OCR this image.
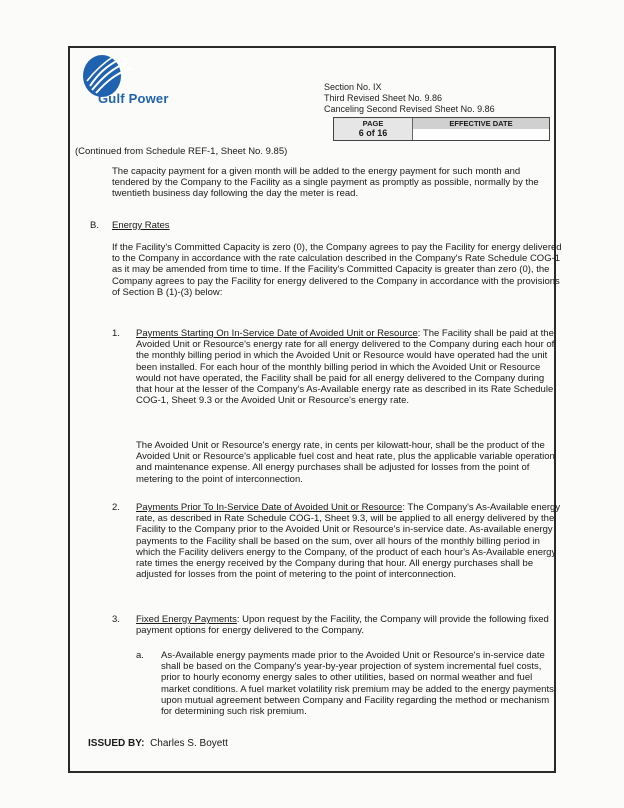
Gulf Power
Section No. IX
Third Revised Sheet No. 9.86
Canceling Second Revised Sheet No. 9.86
PAGE
6 of 16
EFFECTIVE DATE
(Continued from Schedule REF-1, Sheet No. 9.85)

The capacity payment for a given month will be added to the energy payment for such month and tendered by the Company to the Facility as a single payment as promptly as possible, normally by the twentieth business day following the day the meter is read.

B. Energy Rates

If the Facility's Committed Capacity is zero (0), the Company agrees to pay the Facility for energy delivered to the Company in accordance with the rate calculation described in the Company's Rate Schedule COG-1 as it may be amended from time to time. If the Facility's Committed Capacity is greater than zero (0), the Company agrees to pay the Facility for energy delivered to the Company in accordance with the provisions of Section B (1)-(3) below:

1. Payments Starting On In-Service Date of Avoided Unit or Resource: The Facility shall be paid at the Avoided Unit or Resource's energy rate for all energy delivered to the Company during each hour of the monthly billing period in which the Avoided Unit or Resource would have operated had the unit been installed. For each hour of the monthly billing period in which the Avoided Unit or Resource would not have operated, the Facility shall be paid for all energy delivered to the Company during that hour at the lesser of the Company's As-Available energy rate as described in its Rate Schedule COG-1, Sheet 9.3 or the Avoided Unit or Resource's energy rate.

The Avoided Unit or Resource's energy rate, in cents per kilowatt-hour, shall be the product of the Avoided Unit or Resource's applicable fuel cost and heat rate, plus the applicable variable operation and maintenance expense. All energy purchases shall be adjusted for losses from the point of metering to the point of interconnection.

2. Payments Prior To In-Service Date of Avoided Unit or Resource: The Company's As-Available energy rate, as described in Rate Schedule COG-1, Sheet 9.3, will be applied to all energy delivered by the Facility to the Company prior to the Avoided Unit or Resource's in-service date. As-available energy payments to the Facility shall be based on the sum, over all hours of the monthly billing period in which the Facility delivers energy to the Company, of the product of each hour's As-Available energy rate times the energy received by the Company during that hour. All energy purchases shall be adjusted for losses from the point of metering to the point of interconnection.

3. Fixed Energy Payments: Upon request by the Facility, the Company will provide the following fixed payment options for energy delivered to the Company.

a. As-Available energy payments made prior to the Avoided Unit or Resource's in-service date shall be based on the Company's year-by-year projection of system incremental fuel costs, prior to hourly economy energy sales to other utilities, based on normal weather and fuel market conditions. A fuel market volatility risk premium may be added to the energy payments upon mutual agreement between Company and Facility regarding the method or mechanism for determining such risk premium.

ISSUED BY: Charles S. Boyett
